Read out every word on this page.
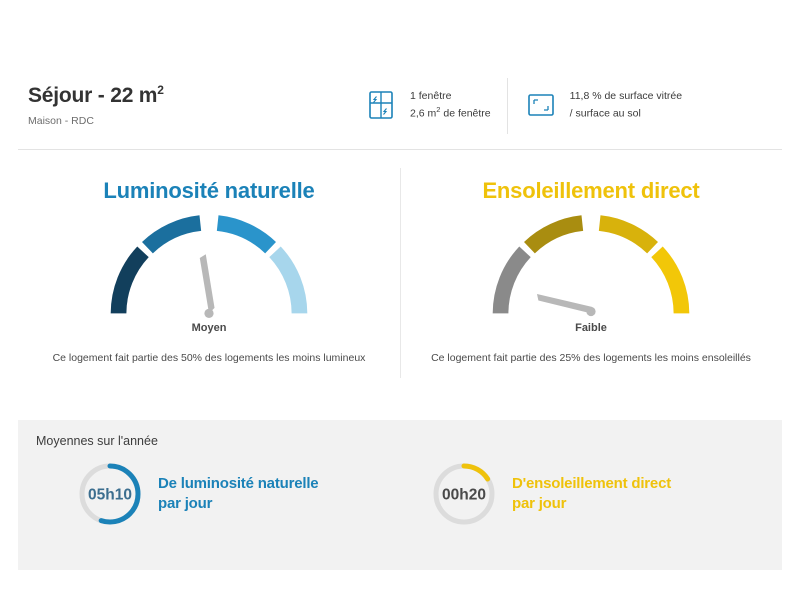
Séjour - 22 $m^2$
Maison - RDC
1 fenêtre
2,6 $m^2$ de fenêtre
11,8 % de surface vitrée
/ surface au sol
Luminosité naturelle
Moyen
Ce logement fait partie des 50% des logements les moins lumineux
Ensoleillement direct
Faible
Ce logement fait partie des 25% des logements les moins ensoleillés
Moyennes sur l'année
05h10
De luminosité naturelle
par jour	00h20
D'ensoleillement direct
par jour
